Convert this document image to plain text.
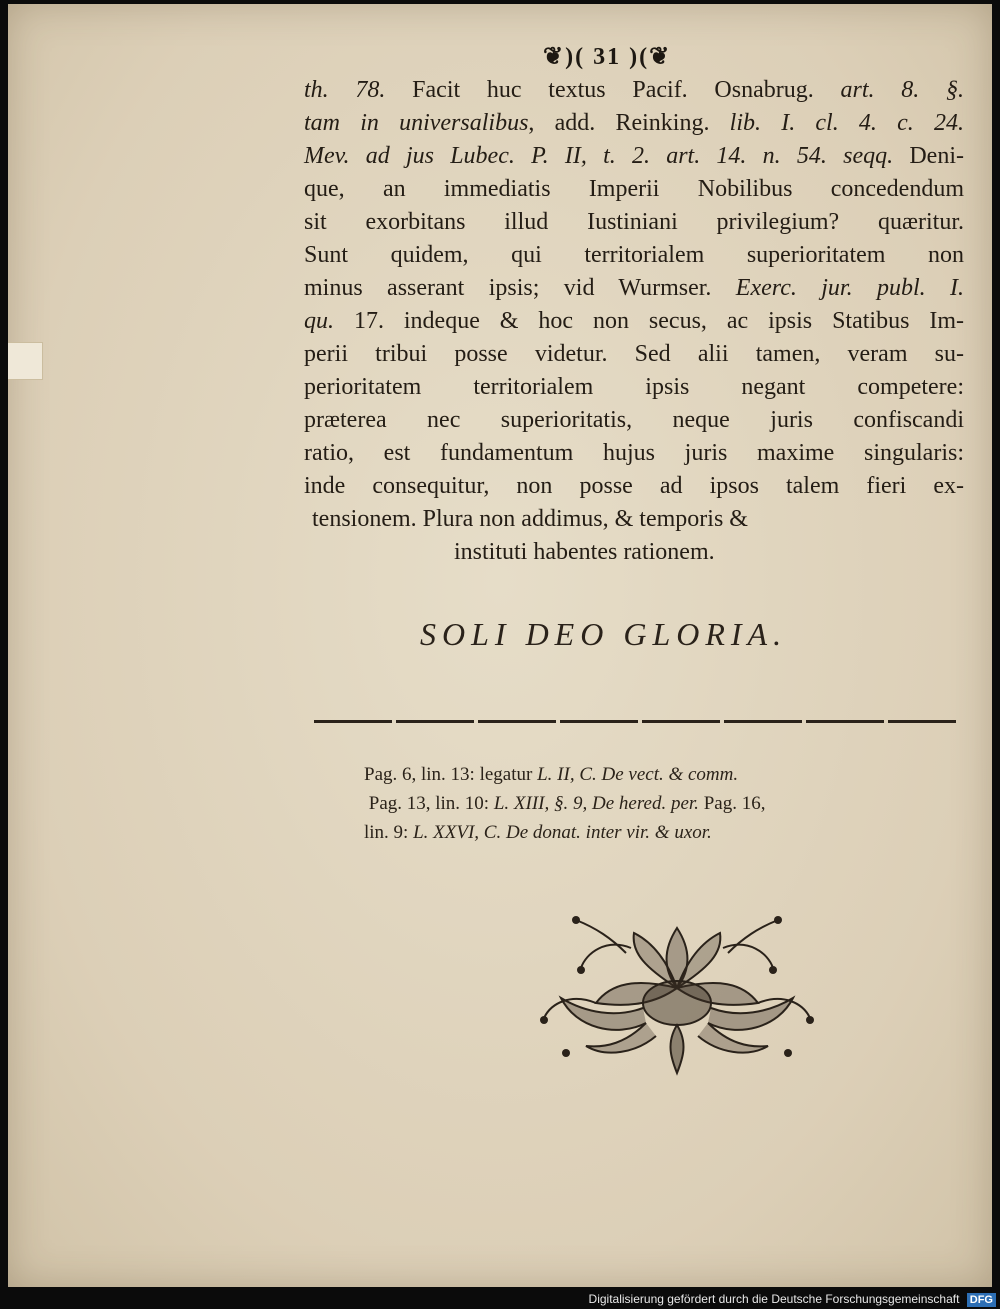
❦)( 31 )(❦
th. 78. Facit huc textus Pacif. Osnabrug. art. 8. §.
tam in universalibus, add. Reinking. lib. I. cl. 4. c. 24.
Mev. ad jus Lubec. P. II, t. 2. art. 14. n. 54. seqq. Deni-
que, an immediatis Imperii Nobilibus concedendum
sit exorbitans illud Iustiniani privilegium? quæritur.
Sunt quidem, qui territorialem superioritatem non
minus asserant ipsis; vid Wurmser. Exerc. jur. publ. I.
qu. 17. indeque & hoc non secus, ac ipsis Statibus Im-
perii tribui posse videtur. Sed alii tamen, veram su-
perioritatem territorialem ipsis negant competere:
præterea nec superioritatis, neque juris confiscandi
ratio, est fundamentum hujus juris maxime singularis:
inde consequitur, non posse ad ipsos talem fieri ex-
tensionem. Plura non addimus, & temporis &
instituti habentes rationem.
SOLI DEO GLORIA.
Pag. 6, lin. 13: legatur L. II, C. De vect. & comm.
Pag. 13, lin. 10: L. XIII, §. 9, De hered. per. Pag. 16,
lin. 9: L. XXVI, C. De donat. inter vir. & uxor.
Digitalisierung gefördert durch die Deutsche Forschungsgemeinschaft DFG
